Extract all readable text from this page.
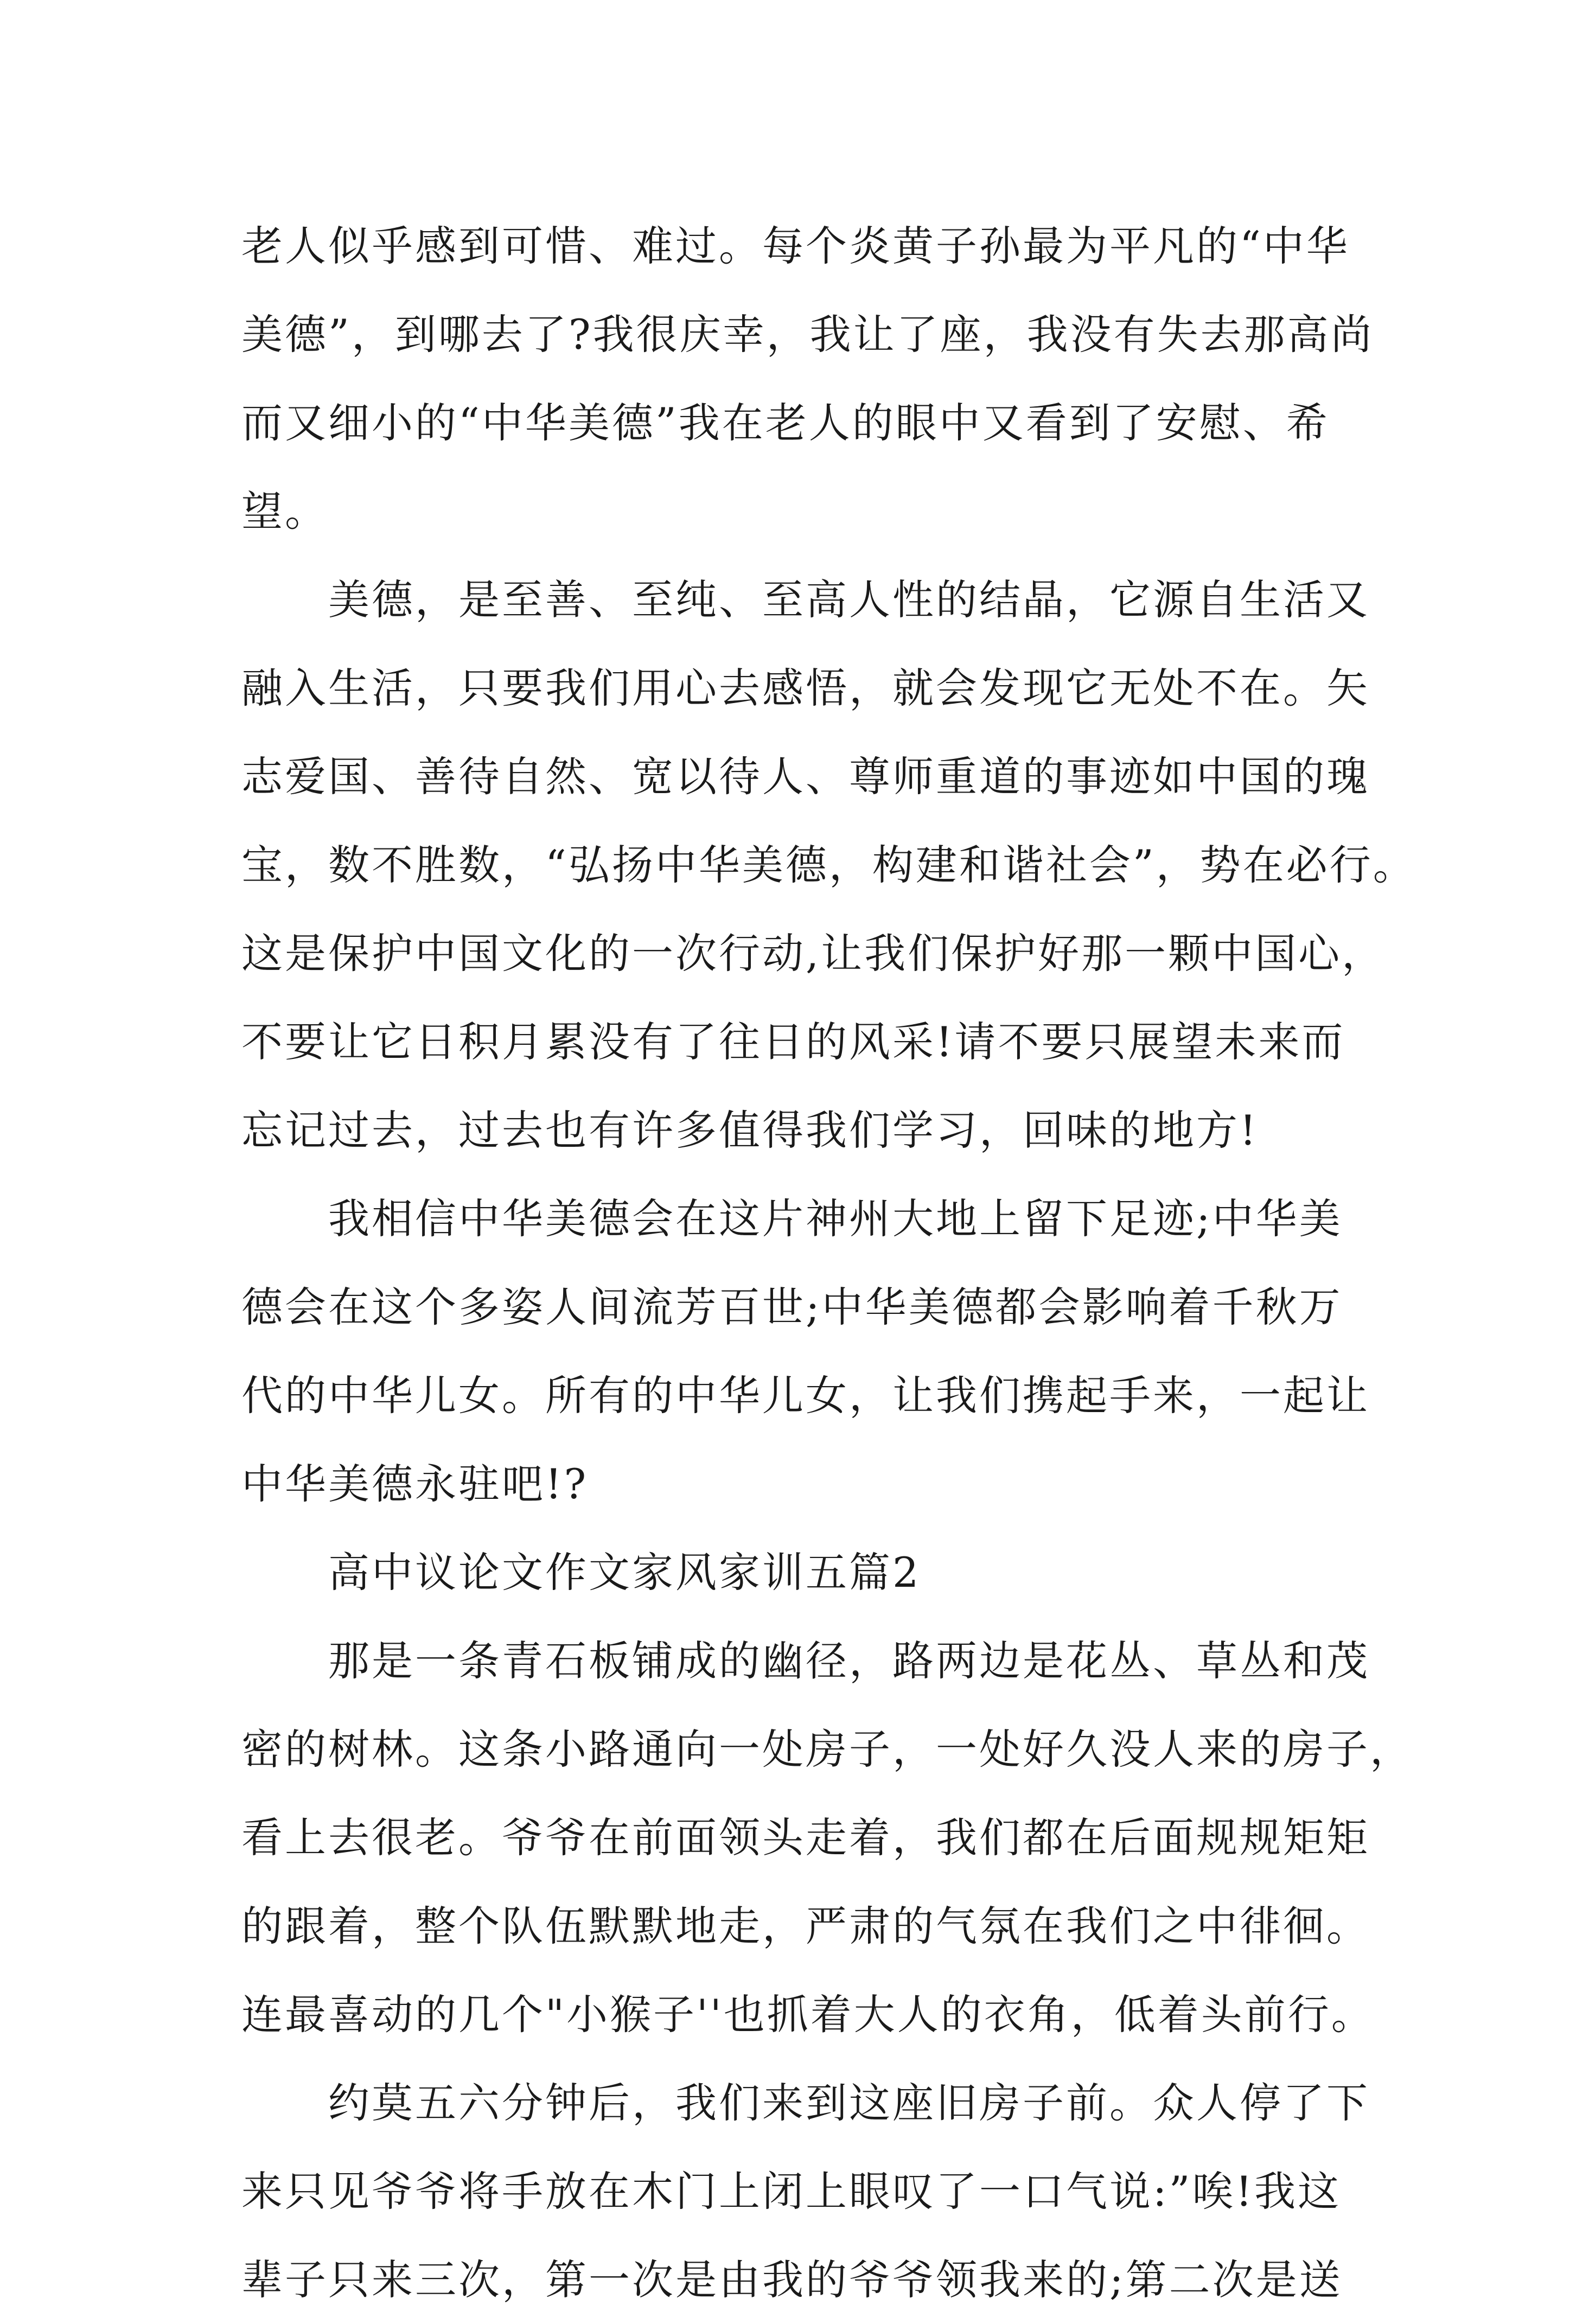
老人似乎感到可惜、难过。每个炎黄子孙最为平凡的“中华
美德”，到哪去了?我很庆幸，我让了座，我没有失去那高尚
而又细小的“中华美德”我在老人的眼中又看到了安慰、希
望。
美德，是至善、至纯、至高人性的结晶，它源自生活又
融入生活，只要我们用心去感悟，就会发现它无处不在。矢
志爱国、善待自然、宽以待人、尊师重道的事迹如中国的瑰
宝，数不胜数，“弘扬中华美德，构建和谐社会”，势在必行。
这是保护中国文化的一次行动,让我们保护好那一颗中国心，
不要让它日积月累没有了往日的风采!请不要只展望未来而
忘记过去，过去也有许多值得我们学习，回味的地方!
我相信中华美德会在这片神州大地上留下足迹;中华美
德会在这个多姿人间流芳百世;中华美德都会影响着千秋万
代的中华儿女。所有的中华儿女，让我们携起手来，一起让
中华美德永驻吧!?
高中议论文作文家风家训五篇2
那是一条青石板铺成的幽径，路两边是花丛、草丛和茂
密的树林。这条小路通向一处房子，一处好久没人来的房子，
看上去很老。爷爷在前面领头走着，我们都在后面规规矩矩
的跟着，整个队伍默默地走，严肃的气氛在我们之中徘徊。
连最喜动的几个"小猴子''也抓着大人的衣角，低着头前行。
约莫五六分钟后，我们来到这座旧房子前。众人停了下
来只见爷爷将手放在木门上闭上眼叹了一口气说:”唉!我这
辈子只来三次，第一次是由我的爷爷领我来的;第二次是送
